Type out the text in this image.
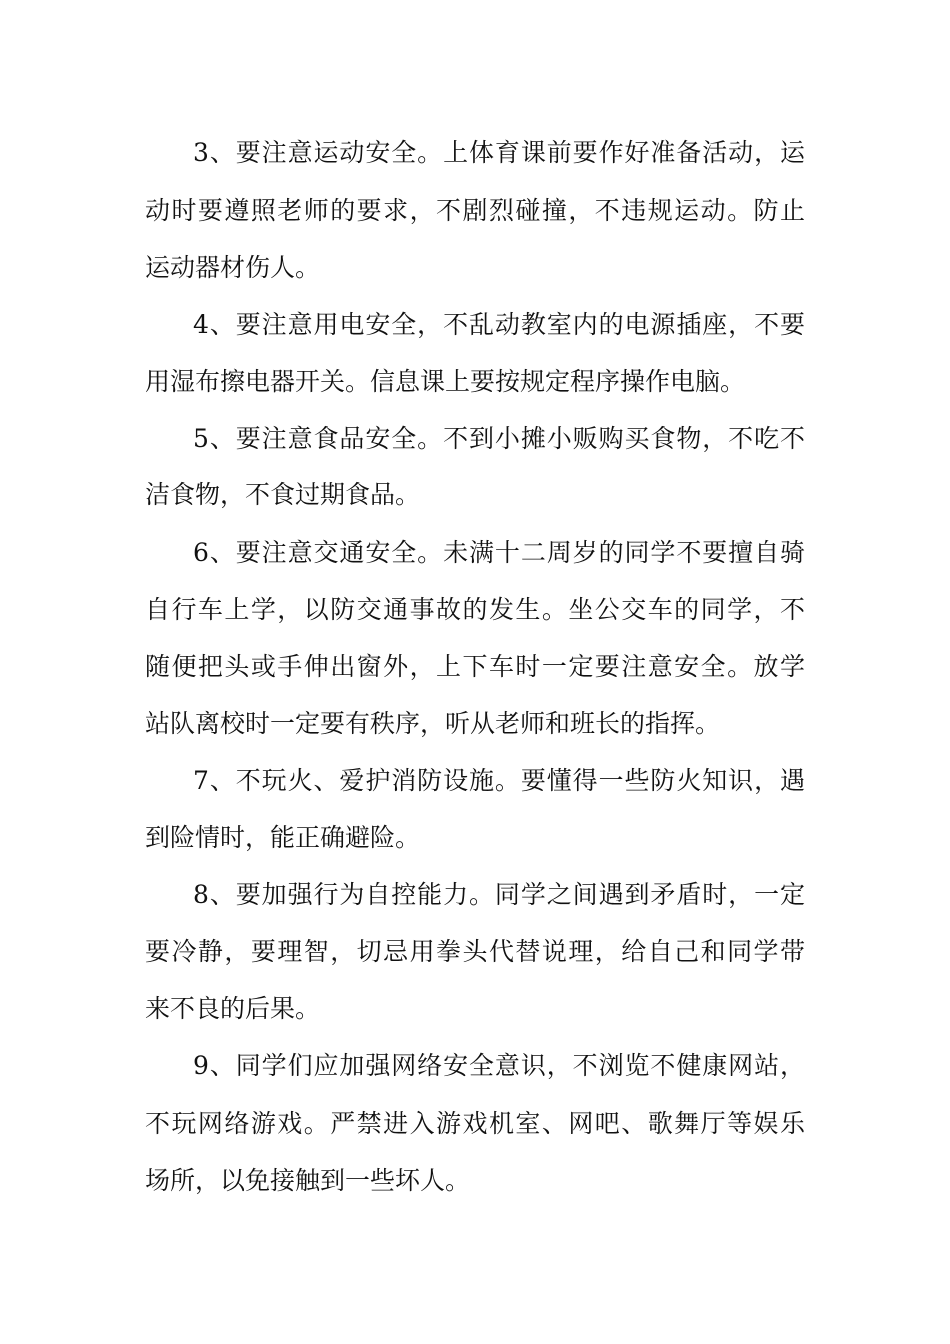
3、要注意运动安全。上体育课前要作好准备活动，运
动时要遵照老师的要求，不剧烈碰撞，不违规运动。防止
运动器材伤人。
4、要注意用电安全，不乱动教室内的电源插座，不要
用湿布擦电器开关。信息课上要按规定程序操作电脑。
5、要注意食品安全。不到小摊小贩购买食物，不吃不
洁食物，不食过期食品。
6、要注意交通安全。未满十二周岁的同学不要擅自骑
自行车上学，以防交通事故的发生。坐公交车的同学，不
随便把头或手伸出窗外，上下车时一定要注意安全。放学
站队离校时一定要有秩序，听从老师和班长的指挥。
7、不玩火、爱护消防设施。要懂得一些防火知识，遇
到险情时，能正确避险。
8、要加强行为自控能力。同学之间遇到矛盾时，一定
要冷静，要理智，切忌用拳头代替说理，给自己和同学带
来不良的后果。
9、同学们应加强网络安全意识，不浏览不健康网站，
不玩网络游戏。严禁进入游戏机室、网吧、歌舞厅等娱乐
场所，以免接触到一些坏人。
